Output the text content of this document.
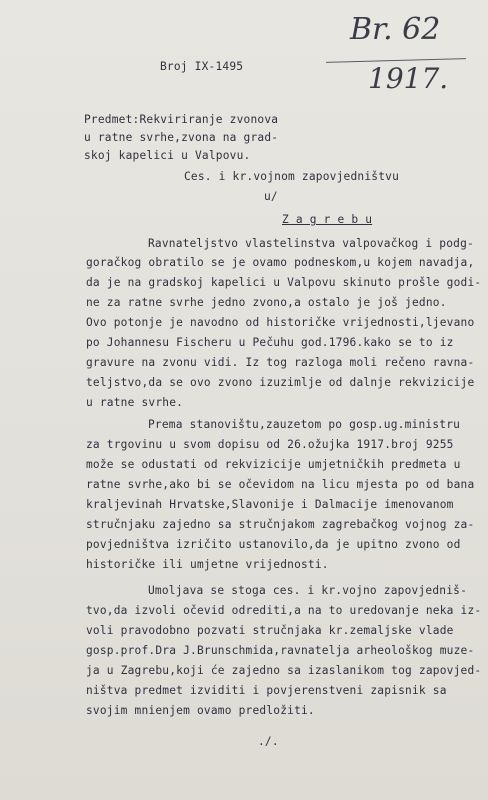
Br. 62
1917.
Broj IX-1495
Predmet:Rekviriranje zvonova
u ratne svrhe,zvona na grad-
skoj kapelici u Valpovu.
Ces. i kr.vojnom zapovjedništvu
u/
Z a g r e b u
Ravnateljstvo vlastelinstva valpovačkog i podg-
goračkog obratilo se je ovamo podneskom,u kojem navadja,
da je na gradskoj kapelici u Valpovu skinuto prošle godi-
ne za ratne svrhe jedno zvono,a ostalo je još jedno.
Ovo potonje je navodno od historičke vrijednosti,ljevano
po Johannesu Fischeru u Pečuhu god.1796.kako se to iz
gravure na zvonu vidi. Iz tog razloga moli rečeno ravna-
teljstvo,da se ovo zvono izuzimlje od dalnje rekvizicije
u ratne svrhe.
Prema stanovištu,zauzetom po gosp.ug.ministru
za trgovinu u svom dopisu od 26.ožujka 1917.broj 9255
može se odustati od rekvizicije umjetničkih predmeta u
ratne svrhe,ako bi se očevidom na licu mjesta po od bana
kraljevinah Hrvatske,Slavonije i Dalmacije imenovanom
stručnjaku zajedno sa stručnjakom zagrebačkog vojnog za-
povjedništva izričito ustanovilo,da je upitno zvono od
historičke ili umjetne vrijednosti.
Umoljava se stoga ces. i kr.vojno zapovjedniš-
tvo,da izvoli očevid odrediti,a na to uredovanje neka iz-
voli pravodobno pozvati stručnjaka kr.zemaljske vlade
gosp.prof.Dra J.Brunschmida,ravnatelja arheološkog muze-
ja u Zagrebu,koji će zajedno sa izaslanikom tog zapovjed-
ništva predmet izviditi i povjerenstveni zapisnik sa
svojim mnienjem ovamo predložiti.
./.
